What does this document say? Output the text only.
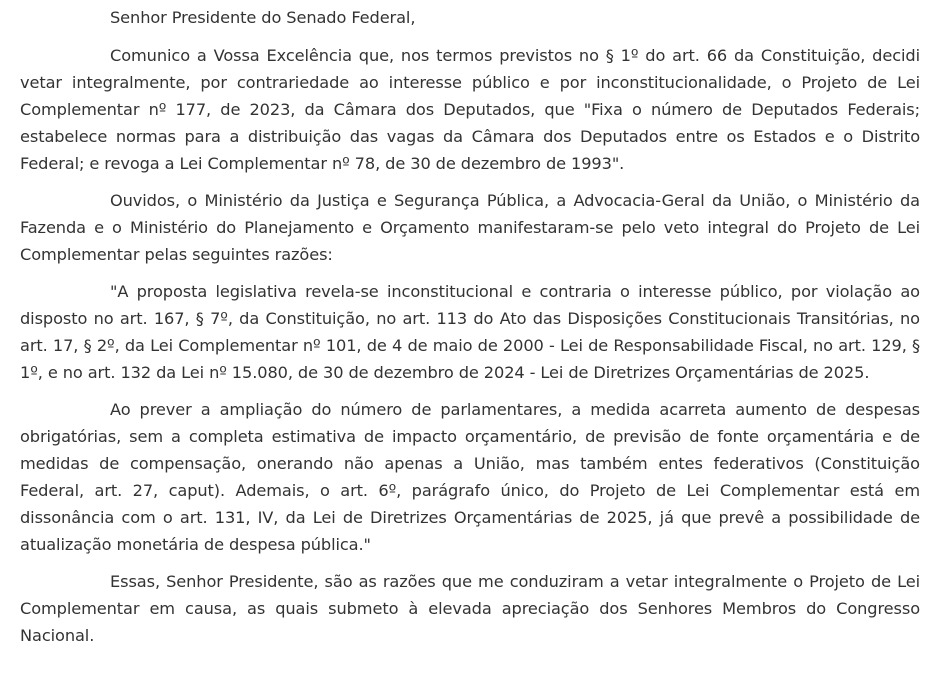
Senhor Presidente do Senado Federal,

Comunico a Vossa Excelência que, nos termos previstos no § 1º do art. 66 da Constituição, decidi vetar integralmente, por contrariedade ao interesse público e por inconstitucionalidade, o Projeto de Lei Complementar nº 177, de 2023, da Câmara dos Deputados, que "Fixa o número de Deputados Federais; estabelece normas para a distribuição das vagas da Câmara dos Deputados entre os Estados e o Distrito Federal; e revoga a Lei Complementar nº 78, de 30 de dezembro de 1993".

Ouvidos, o Ministério da Justiça e Segurança Pública, a Advocacia-Geral da União, o Ministério da Fazenda e o Ministério do Planejamento e Orçamento manifestaram-se pelo veto integral do Projeto de Lei Complementar pelas seguintes razões:

"A proposta legislativa revela-se inconstitucional e contraria o interesse público, por violação ao disposto no art. 167, § 7º, da Constituição, no art. 113 do Ato das Disposições Constitucionais Transitórias, no art. 17, § 2º, da Lei Complementar nº 101, de 4 de maio de 2000 - Lei de Responsabilidade Fiscal, no art. 129, § 1º, e no art. 132 da Lei nº 15.080, de 30 de dezembro de 2024 - Lei de Diretrizes Orçamentárias de 2025.

Ao prever a ampliação do número de parlamentares, a medida acarreta aumento de despesas obrigatórias, sem a completa estimativa de impacto orçamentário, de previsão de fonte orçamentária e de medidas de compensação, onerando não apenas a União, mas também entes federativos (Constituição Federal, art. 27, caput). Ademais, o art. 6º, parágrafo único, do Projeto de Lei Complementar está em dissonância com o art. 131, IV, da Lei de Diretrizes Orçamentárias de 2025, já que prevê a possibilidade de atualização monetária de despesa pública."

Essas, Senhor Presidente, são as razões que me conduziram a vetar integralmente o Projeto de Lei Complementar em causa, as quais submeto à elevada apreciação dos Senhores Membros do Congresso Nacional.
